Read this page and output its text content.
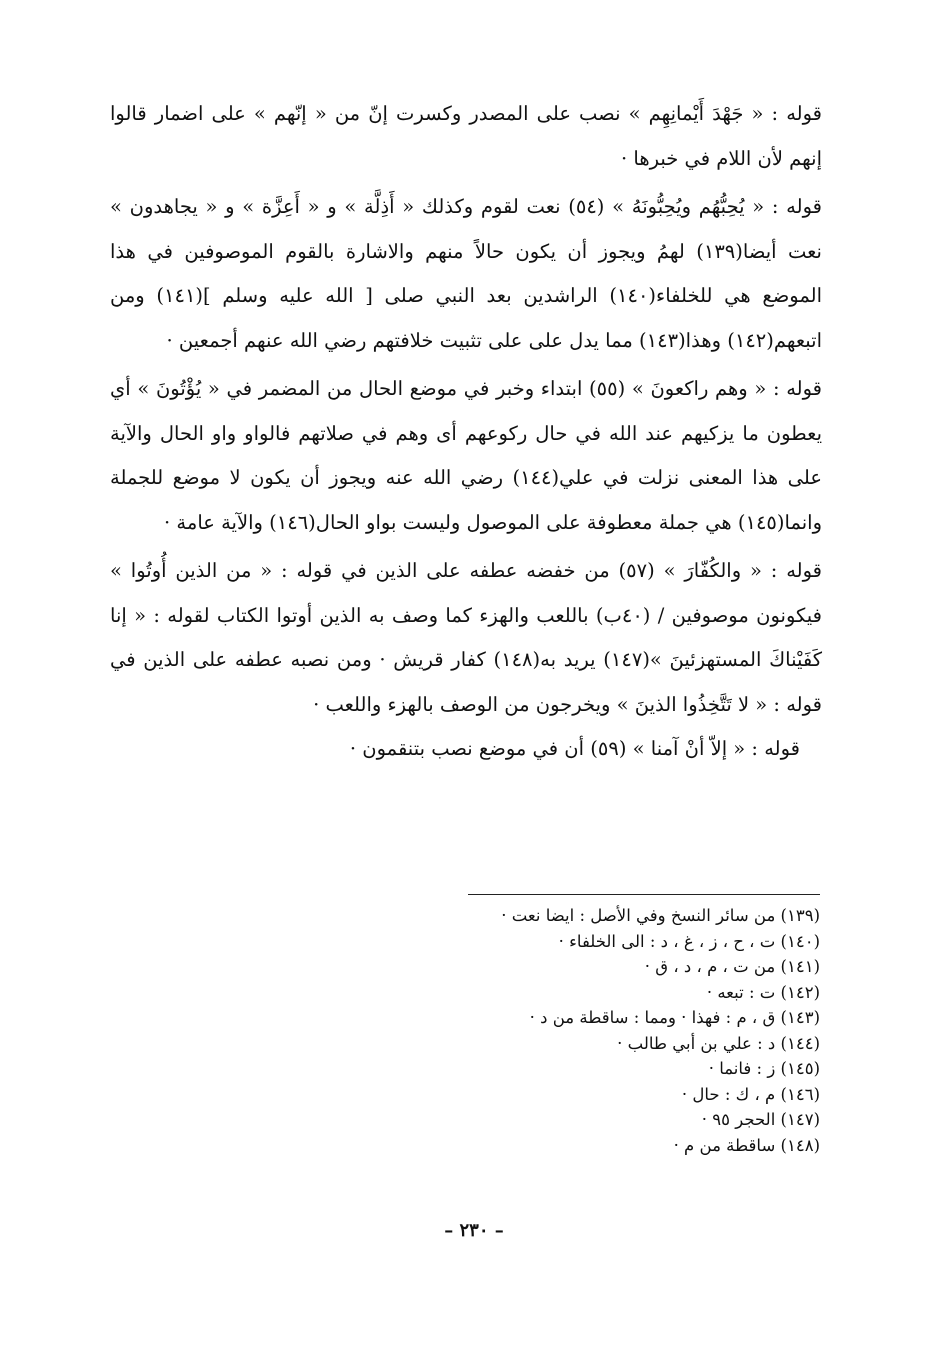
قوله : « جَهْدَ أَيْمانِهِم » نصب على المصدر وكسرت إنّ من « إنّهم » على اضمار قالوا إنهم لأن اللام في خبرها ·

قوله : « يُحِبُّهُم ويُحِبُّونَهُ » (٥٤) نعت لقوم وكذلك « أَذِلَّة » و « أَعِزَّة » و « يجاهدون » نعت أيضا(١٣٩) لهمُ ويجوز أن يكون حالاً منهم والاشارة بالقوم الموصوفين في هذا الموضع هي للخلفاء(١٤٠) الراشدين بعد النبي صلى [ الله عليه وسلم ](١٤١) ومن اتبعهم(١٤٢) وهذا(١٤٣) مما يدل على على تثبيت خلافتهم رضي الله عنهم أجمعين ·

قوله : « وهم راكعونَ » (٥٥) ابتداء وخبر في موضع الحال من المضمر في « يُؤْتُونَ » أي يعطون ما يزكيهم عند الله في حال ركوعهم أى وهم في صلاتهم فالواو واو الحال والآية على هذا المعنى نزلت في علي(١٤٤) رضي الله عنه ويجوز أن يكون لا موضع للجملة وانما(١٤٥) هي جملة معطوفة على الموصول وليست بواو الحال(١٤٦) والآية عامة ·

قوله : « والكُفّارَ » (٥٧) من خفضه عطفه على الذين في قوله : « من الذين أُوتُوا » فيكونون موصوفين / (٤٠ب) باللعب والهزء كما وصف به الذين أوتوا الكتاب لقوله : « إنا كَفَيْناكَ المستهزئينَ »(١٤٧) يريد به(١٤٨) كفار قريش · ومن نصبه عطفه على الذين في قوله : « لا تَتَّخِذُوا الذينَ » ويخرجون من الوصف بالهزء واللعب ·

قوله : « إلاّ أنْ آمنا » (٥٩) أن في موضع نصب بتنقمون ·

(١٣٩) من سائر النسخ وفي الأصل : ايضا نعت ·
(١٤٠) ت ، ح ، ز ، غ ، د : الى الخلفاء ·
(١٤١) من ت ، م ، د ، ق ·
(١٤٢) ت : تبعه ·
(١٤٣) ق ، م : فهذا · ومما : ساقطة من د ·
(١٤٤) د : علي بن أبي طالب ·
(١٤٥) ز : فانما ·
(١٤٦) م ، ك : حال ·
(١٤٧) الحجر ٩٥ ·
(١٤٨) ساقطة من م ·
– ٢٣٠ –
